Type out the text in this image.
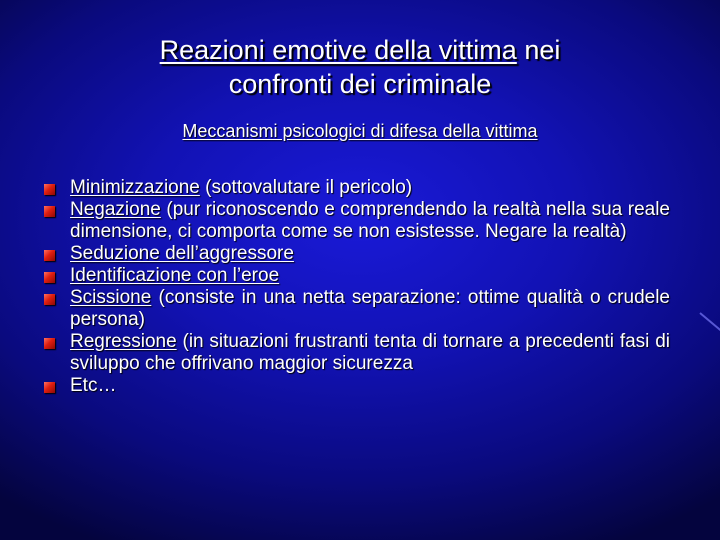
Reazioni emotive della vittima nei
confronti dei criminale
Meccanismi psicologici di difesa della vittima
Minimizzazione (sottovalutare il pericolo)
Negazione (pur riconoscendo e comprendendo la realtà nella sua reale dimensione, ci comporta come se non esistesse. Negare la realtà)
Seduzione dell’aggressore
Identificazione con l’eroe
Scissione (consiste in una netta separazione: ottime qualità o crudele persona)
Regressione (in situazioni frustranti tenta di tornare a precedenti fasi di sviluppo che offrivano maggior sicurezza
Etc…
